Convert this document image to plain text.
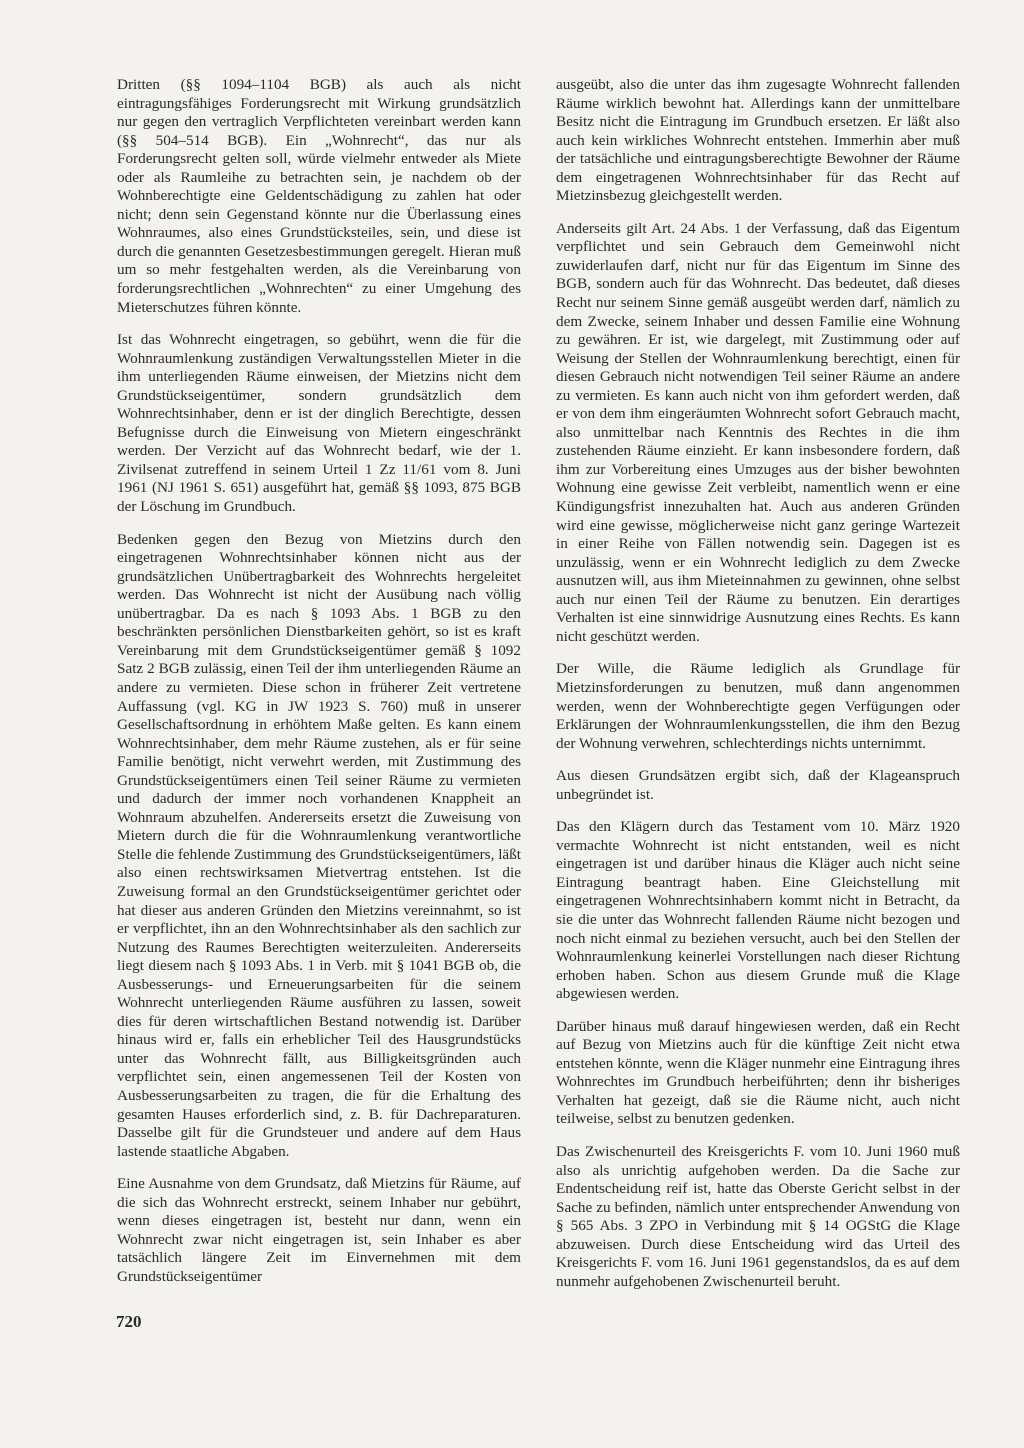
Dritten (§§ 1094–1104 BGB) als auch als nicht eintragungsfähiges Forderungsrecht mit Wirkung grundsätzlich nur gegen den vertraglich Verpflichteten vereinbart werden kann (§§ 504–514 BGB). Ein „Wohnrecht“, das nur als Forderungsrecht gelten soll, würde vielmehr entweder als Miete oder als Raumleihe zu betrachten sein, je nachdem ob der Wohnberechtigte eine Geldentschädigung zu zahlen hat oder nicht; denn sein Gegenstand könnte nur die Überlassung eines Wohnraumes, also eines Grundstücksteiles, sein, und diese ist durch die genannten Gesetzesbestimmungen geregelt. Hieran muß um so mehr festgehalten werden, als die Vereinbarung von forderungsrechtlichen „Wohnrechten“ zu einer Umgehung des Mieterschutzes führen könnte.

Ist das Wohnrecht eingetragen, so gebührt, wenn die für die Wohnraumlenkung zuständigen Verwaltungsstellen Mieter in die ihm unterliegenden Räume einweisen, der Mietzins nicht dem Grundstückseigentümer, sondern grundsätzlich dem Wohnrechtsinhaber, denn er ist der dinglich Berechtigte, dessen Befugnisse durch die Einweisung von Mietern eingeschränkt werden. Der Verzicht auf das Wohnrecht bedarf, wie der 1. Zivilsenat zutreffend in seinem Urteil 1 Zz 11/61 vom 8. Juni 1961 (NJ 1961 S. 651) ausgeführt hat, gemäß §§ 1093, 875 BGB der Löschung im Grundbuch.

Bedenken gegen den Bezug von Mietzins durch den eingetragenen Wohnrechtsinhaber können nicht aus der grundsätzlichen Unübertragbarkeit des Wohnrechts hergeleitet werden. Das Wohnrecht ist nicht der Ausübung nach völlig unübertragbar. Da es nach § 1093 Abs. 1 BGB zu den beschränkten persönlichen Dienstbarkeiten gehört, so ist es kraft Vereinbarung mit dem Grundstückseigentümer gemäß § 1092 Satz 2 BGB zulässig, einen Teil der ihm unterliegenden Räume an andere zu vermieten. Diese schon in früherer Zeit vertretene Auffassung (vgl. KG in JW 1923 S. 760) muß in unserer Gesellschaftsordnung in erhöhtem Maße gelten. Es kann einem Wohnrechtsinhaber, dem mehr Räume zustehen, als er für seine Familie benötigt, nicht verwehrt werden, mit Zustimmung des Grundstückseigentümers einen Teil seiner Räume zu vermieten und dadurch der immer noch vorhandenen Knappheit an Wohnraum abzuhelfen. Andererseits ersetzt die Zuweisung von Mietern durch die für die Wohnraumlenkung verantwortliche Stelle die fehlende Zustimmung des Grundstückseigentümers, läßt also einen rechtswirksamen Mietvertrag entstehen. Ist die Zuweisung formal an den Grundstückseigentümer gerichtet oder hat dieser aus anderen Gründen den Mietzins vereinnahmt, so ist er verpflichtet, ihn an den Wohnrechtsinhaber als den sachlich zur Nutzung des Raumes Berechtigten weiterzuleiten. Andererseits liegt diesem nach § 1093 Abs. 1 in Verb. mit § 1041 BGB ob, die Ausbesserungs- und Erneuerungsarbeiten für die seinem Wohnrecht unterliegenden Räume ausführen zu lassen, soweit dies für deren wirtschaftlichen Bestand notwendig ist. Darüber hinaus wird er, falls ein erheblicher Teil des Hausgrundstücks unter das Wohnrecht fällt, aus Billigkeitsgründen auch verpflichtet sein, einen angemessenen Teil der Kosten von Ausbesserungsarbeiten zu tragen, die für die Erhaltung des gesamten Hauses erforderlich sind, z. B. für Dachreparaturen. Dasselbe gilt für die Grundsteuer und andere auf dem Haus lastende staatliche Abgaben.

Eine Ausnahme von dem Grundsatz, daß Mietzins für Räume, auf die sich das Wohnrecht erstreckt, seinem Inhaber nur gebührt, wenn dieses eingetragen ist, besteht nur dann, wenn ein Wohnrecht zwar nicht eingetragen ist, sein Inhaber es aber tatsächlich längere Zeit im Einvernehmen mit dem Grundstückseigentümer

ausgeübt, also die unter das ihm zugesagte Wohnrecht fallenden Räume wirklich bewohnt hat. Allerdings kann der unmittelbare Besitz nicht die Eintragung im Grundbuch ersetzen. Er läßt also auch kein wirkliches Wohnrecht entstehen. Immerhin aber muß der tatsächliche und eintragungsberechtigte Bewohner der Räume dem eingetragenen Wohnrechtsinhaber für das Recht auf Mietzinsbezug gleichgestellt werden.

Anderseits gilt Art. 24 Abs. 1 der Verfassung, daß das Eigentum verpflichtet und sein Gebrauch dem Gemeinwohl nicht zuwiderlaufen darf, nicht nur für das Eigentum im Sinne des BGB, sondern auch für das Wohnrecht. Das bedeutet, daß dieses Recht nur seinem Sinne gemäß ausgeübt werden darf, nämlich zu dem Zwecke, seinem Inhaber und dessen Familie eine Wohnung zu gewähren. Er ist, wie dargelegt, mit Zustimmung oder auf Weisung der Stellen der Wohnraumlenkung berechtigt, einen für diesen Gebrauch nicht notwendigen Teil seiner Räume an andere zu vermieten. Es kann auch nicht von ihm gefordert werden, daß er von dem ihm eingeräumten Wohnrecht sofort Gebrauch macht, also unmittelbar nach Kenntnis des Rechtes in die ihm zustehenden Räume einzieht. Er kann insbesondere fordern, daß ihm zur Vorbereitung eines Umzuges aus der bisher bewohnten Wohnung eine gewisse Zeit verbleibt, namentlich wenn er eine Kündigungsfrist innezuhalten hat. Auch aus anderen Gründen wird eine gewisse, möglicherweise nicht ganz geringe Wartezeit in einer Reihe von Fällen notwendig sein. Dagegen ist es unzulässig, wenn er ein Wohnrecht lediglich zu dem Zwecke ausnutzen will, aus ihm Mieteinnahmen zu gewinnen, ohne selbst auch nur einen Teil der Räume zu benutzen. Ein derartiges Verhalten ist eine sinnwidrige Ausnutzung eines Rechts. Es kann nicht geschützt werden.

Der Wille, die Räume lediglich als Grundlage für Mietzinsforderungen zu benutzen, muß dann angenommen werden, wenn der Wohnberechtigte gegen Verfügungen oder Erklärungen der Wohnraumlenkungsstellen, die ihm den Bezug der Wohnung verwehren, schlechterdings nichts unternimmt.

Aus diesen Grundsätzen ergibt sich, daß der Klageanspruch unbegründet ist.

Das den Klägern durch das Testament vom 10. März 1920 vermachte Wohnrecht ist nicht entstanden, weil es nicht eingetragen ist und darüber hinaus die Kläger auch nicht seine Eintragung beantragt haben. Eine Gleichstellung mit eingetragenen Wohnrechtsinhabern kommt nicht in Betracht, da sie die unter das Wohnrecht fallenden Räume nicht bezogen und noch nicht einmal zu beziehen versucht, auch bei den Stellen der Wohnraumlenkung keinerlei Vorstellungen nach dieser Richtung erhoben haben. Schon aus diesem Grunde muß die Klage abgewiesen werden.

Darüber hinaus muß darauf hingewiesen werden, daß ein Recht auf Bezug von Mietzins auch für die künftige Zeit nicht etwa entstehen könnte, wenn die Kläger nunmehr eine Eintragung ihres Wohnrechtes im Grundbuch herbeiführten; denn ihr bisheriges Verhalten hat gezeigt, daß sie die Räume nicht, auch nicht teilweise, selbst zu benutzen gedenken.

Das Zwischenurteil des Kreisgerichts F. vom 10. Juni 1960 muß also als unrichtig aufgehoben werden. Da die Sache zur Endentscheidung reif ist, hatte das Oberste Gericht selbst in der Sache zu befinden, nämlich unter entsprechender Anwendung von § 565 Abs. 3 ZPO in Verbindung mit § 14 OGStG die Klage abzuweisen. Durch diese Entscheidung wird das Urteil des Kreisgerichts F. vom 16. Juni 1961 gegenstandslos, da es auf dem nunmehr aufgehobenen Zwischenurteil beruht.

720
